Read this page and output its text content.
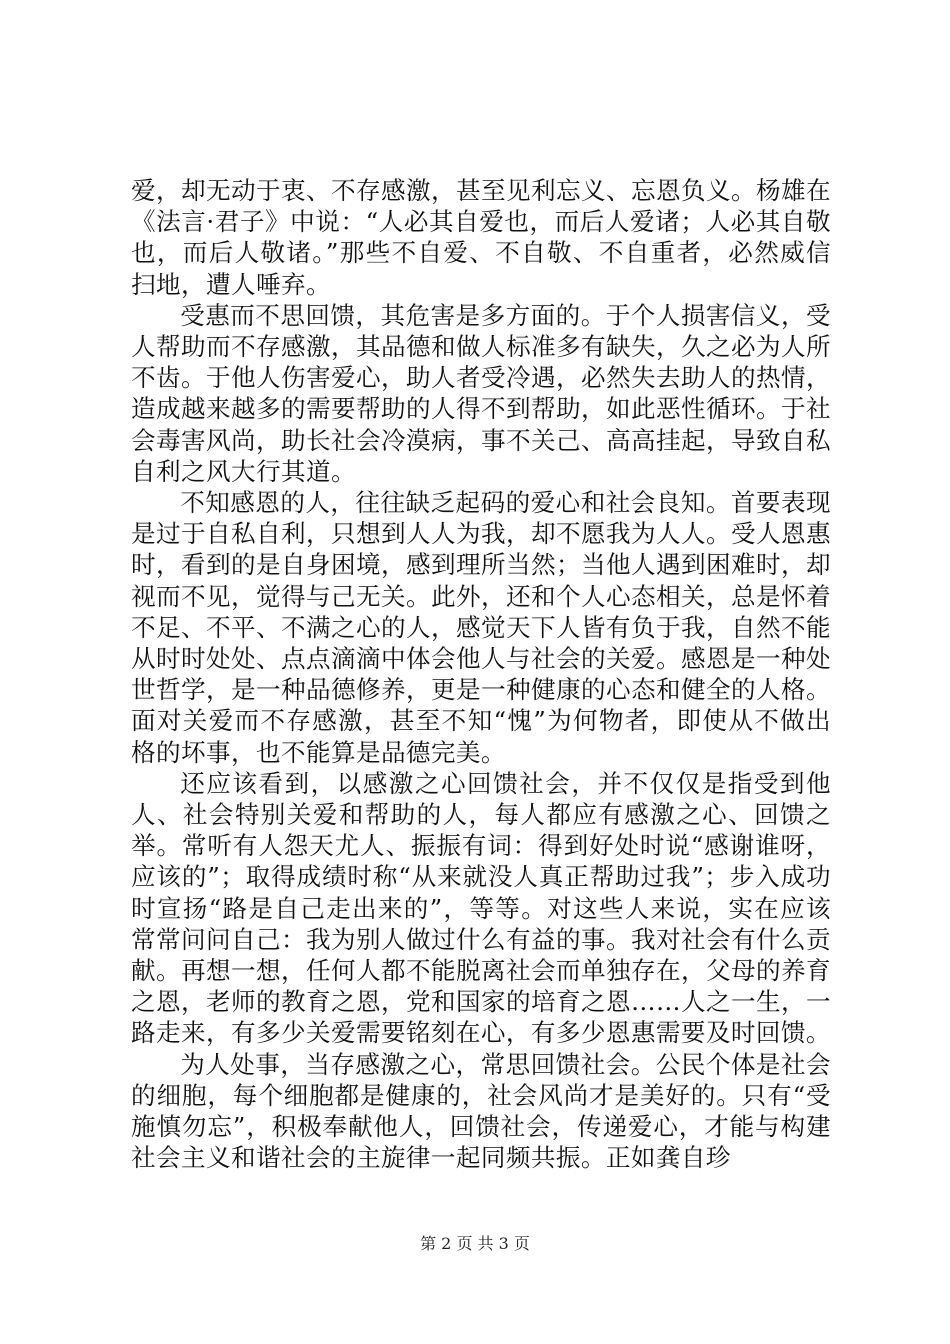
爱，却无动于衷、不存感激，甚至见利忘义、忘恩负义。杨雄在《法言·君子》中说：“人必其自爱也，而后人爱诸；人必其自敬也，而后人敬诸。”那些不自爱、不自敬、不自重者，必然威信扫地，遭人唾弃。

受惠而不思回馈，其危害是多方面的。于个人损害信义，受人帮助而不存感激，其品德和做人标准多有缺失，久之必为人所不齿。于他人伤害爱心，助人者受冷遇，必然失去助人的热情，造成越来越多的需要帮助的人得不到帮助，如此恶性循环。于社会毒害风尚，助长社会冷漠病，事不关己、高高挂起，导致自私自利之风大行其道。

不知感恩的人，往往缺乏起码的爱心和社会良知。首要表现是过于自私自利，只想到人人为我，却不愿我为人人。受人恩惠时，看到的是自身困境，感到理所当然；当他人遇到困难时，却视而不见，觉得与己无关。此外，还和个人心态相关，总是怀着不足、不平、不满之心的人，感觉天下人皆有负于我，自然不能从时时处处、点点滴滴中体会他人与社会的关爱。感恩是一种处世哲学，是一种品德修养，更是一种健康的心态和健全的人格。面对关爱而不存感激，甚至不知“愧”为何物者，即使从不做出格的坏事，也不能算是品德完美。

还应该看到，以感激之心回馈社会，并不仅仅是指受到他人、社会特别关爱和帮助的人，每人都应有感激之心、回馈之举。常听有人怨天尤人、振振有词：得到好处时说“感谢谁呀，应该的”；取得成绩时称“从来就没人真正帮助过我”；步入成功时宣扬“路是自己走出来的”，等等。对这些人来说，实在应该常常问问自己：我为别人做过什么有益的事。我对社会有什么贡献。再想一想，任何人都不能脱离社会而单独存在，父母的养育之恩，老师的教育之恩，党和国家的培育之恩……人之一生，一路走来，有多少关爱需要铭刻在心，有多少恩惠需要及时回馈。

为人处事，当存感激之心，常思回馈社会。公民个体是社会的细胞，每个细胞都是健康的，社会风尚才是美好的。只有“受施慎勿忘”，积极奉献他人，回馈社会，传递爱心，才能与构建社会主义和谐社会的主旋律一起同频共振。正如龚自珍

第 2 页 共 3 页
